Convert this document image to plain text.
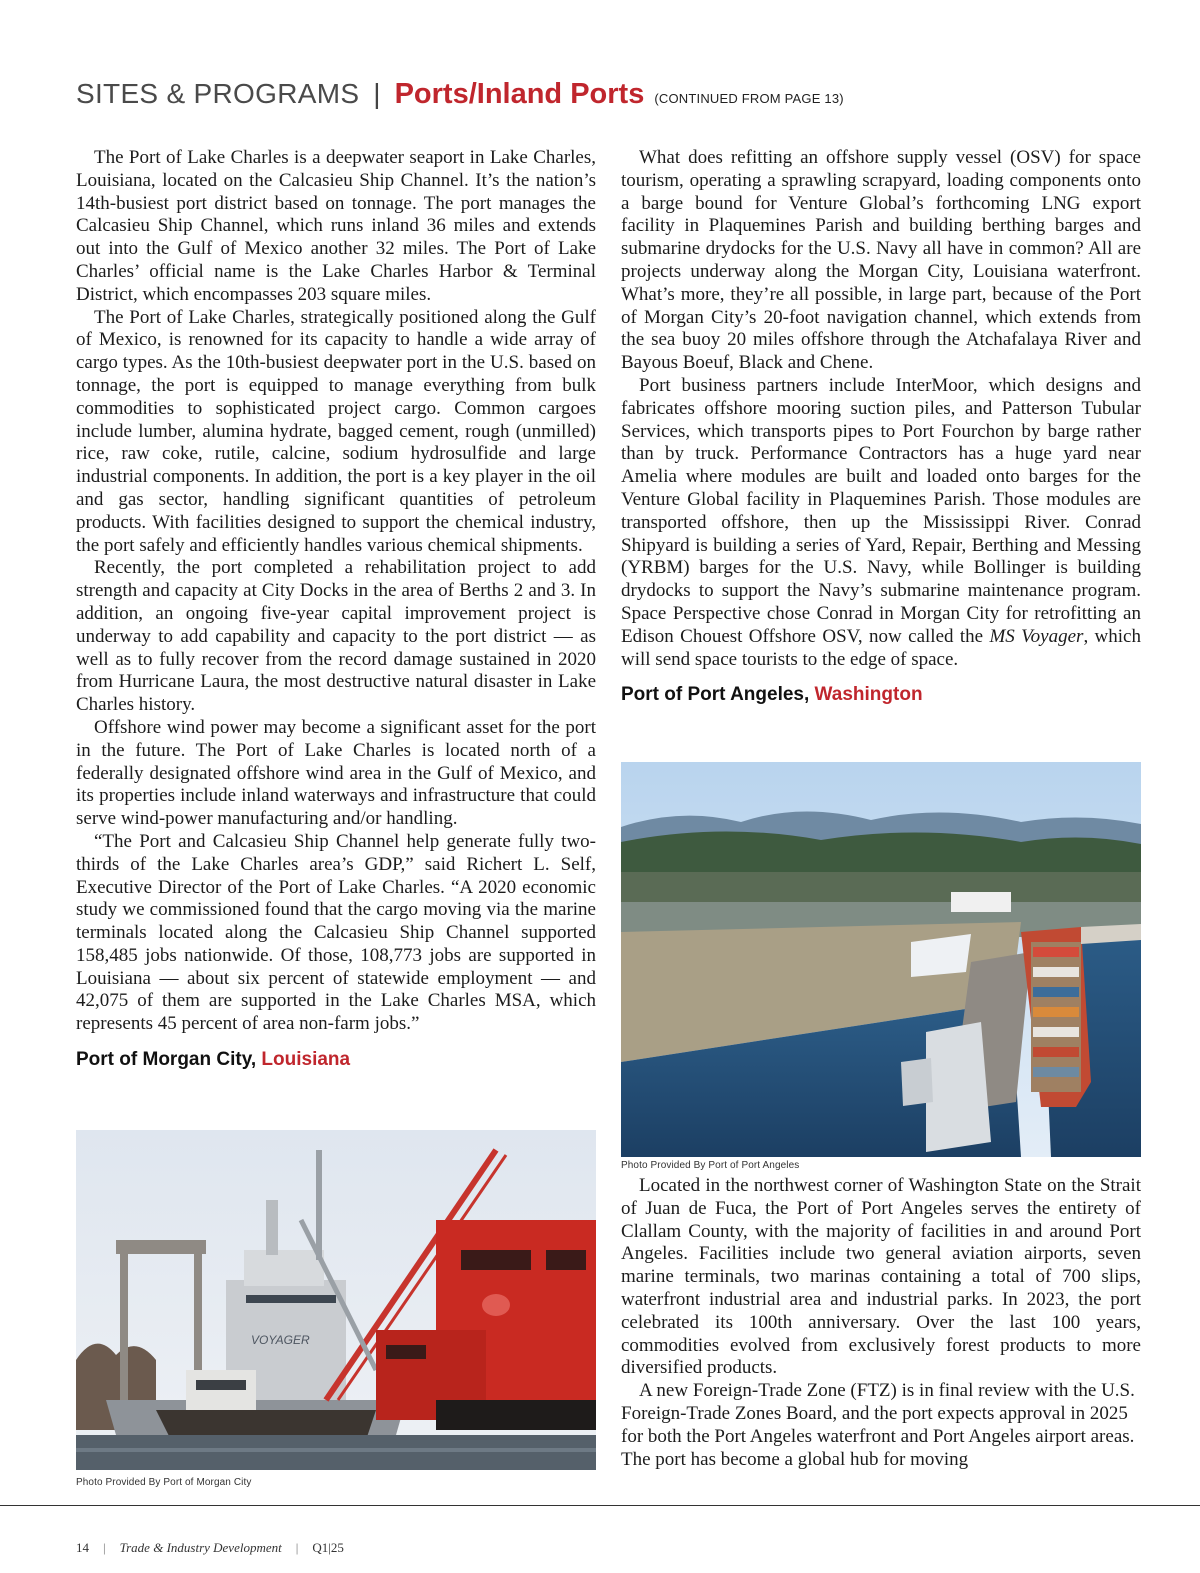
SITES & PROGRAMS | Ports/Inland Ports (CONTINUED FROM PAGE 13)

The Port of Lake Charles is a deepwater seaport in Lake Charles, Louisiana, located on the Calcasieu Ship Channel. It’s the nation’s 14th-busiest port district based on tonnage. The port manages the Calcasieu Ship Channel, which runs inland 36 miles and extends out into the Gulf of Mexico another 32 miles. The Port of Lake Charles’ official name is the Lake Charles Harbor & Terminal District, which encompasses 203 square miles.

The Port of Lake Charles, strategically positioned along the Gulf of Mexico, is renowned for its capacity to handle a wide array of cargo types. As the 10th-busiest deepwater port in the U.S. based on tonnage, the port is equipped to manage everything from bulk commodities to sophisticated project cargo. Common cargoes include lumber, alumina hydrate, bagged cement, rough (unmilled) rice, raw coke, rutile, calcine, sodium hydrosulfide and large industrial components. In addition, the port is a key player in the oil and gas sector, handling significant quantities of petroleum products. With facilities designed to support the chemical industry, the port safely and efficiently handles various chemical shipments.

Recently, the port completed a rehabilitation project to add strength and capacity at City Docks in the area of Berths 2 and 3. In addition, an ongoing five-year capital improvement project is underway to add capability and capacity to the port district — as well as to fully recover from the record damage sustained in 2020 from Hurricane Laura, the most destructive natural disaster in Lake Charles history.

Offshore wind power may become a significant asset for the port in the future. The Port of Lake Charles is located north of a federally designated offshore wind area in the Gulf of Mexico, and its properties include inland waterways and infrastructure that could serve wind-power manufacturing and/or handling.

“The Port and Calcasieu Ship Channel help generate fully two-thirds of the Lake Charles area’s GDP,” said Richert L. Self, Executive Director of the Port of Lake Charles. “A 2020 economic study we commissioned found that the cargo moving via the marine terminals located along the Calcasieu Ship Channel supported 158,485 jobs nationwide. Of those, 108,773 jobs are supported in Louisiana — about six percent of statewide employment — and 42,075 of them are supported in the Lake Charles MSA, which represents 45 percent of area non-farm jobs.”

Port of Morgan City, Louisiana
VOYAGER
Photo Provided By Port of Morgan City

What does refitting an offshore supply vessel (OSV) for space tourism, operating a sprawling scrapyard, loading components onto a barge bound for Venture Global’s forthcoming LNG export facility in Plaquemines Parish and building berthing barges and submarine drydocks for the U.S. Navy all have in common? All are projects underway along the Morgan City, Louisiana waterfront. What’s more, they’re all possible, in large part, because of the Port of Morgan City’s 20-foot navigation channel, which extends from the sea buoy 20 miles offshore through the Atchafalaya River and Bayous Boeuf, Black and Chene.

Port business partners include InterMoor, which designs and fabricates offshore mooring suction piles, and Patterson Tubular Services, which transports pipes to Port Fourchon by barge rather than by truck. Performance Contractors has a huge yard near Amelia where modules are built and loaded onto barges for the Venture Global facility in Plaquemines Parish. Those modules are transported offshore, then up the Mississippi River. Conrad Shipyard is building a series of Yard, Repair, Berthing and Messing (YRBM) barges for the U.S. Navy, while Bollinger is building drydocks to support the Navy’s submarine maintenance program. Space Perspective chose Conrad in Morgan City for retrofitting an Edison Chouest Offshore OSV, now called the MS Voyager, which will send space tourists to the edge of space.

Port of Port Angeles, Washington
Photo Provided By Port of Port Angeles

Located in the northwest corner of Washington State on the Strait of Juan de Fuca, the Port of Port Angeles serves the entirety of Clallam County, with the majority of facilities in and around Port Angeles. Facilities include two general aviation airports, seven marine terminals, two marinas containing a total of 700 slips, waterfront industrial area and industrial parks. In 2023, the port celebrated its 100th anniversary. Over the last 100 years, commodities evolved from exclusively forest products to more diversified products.

A new Foreign-Trade Zone (FTZ) is in final review with the U.S. Foreign-Trade Zones Board, and the port expects approval in 2025 for both the Port Angeles waterfront and Port Angeles airport areas. The port has become a global hub for moving

14 | Trade & Industry Development | Q1|25
